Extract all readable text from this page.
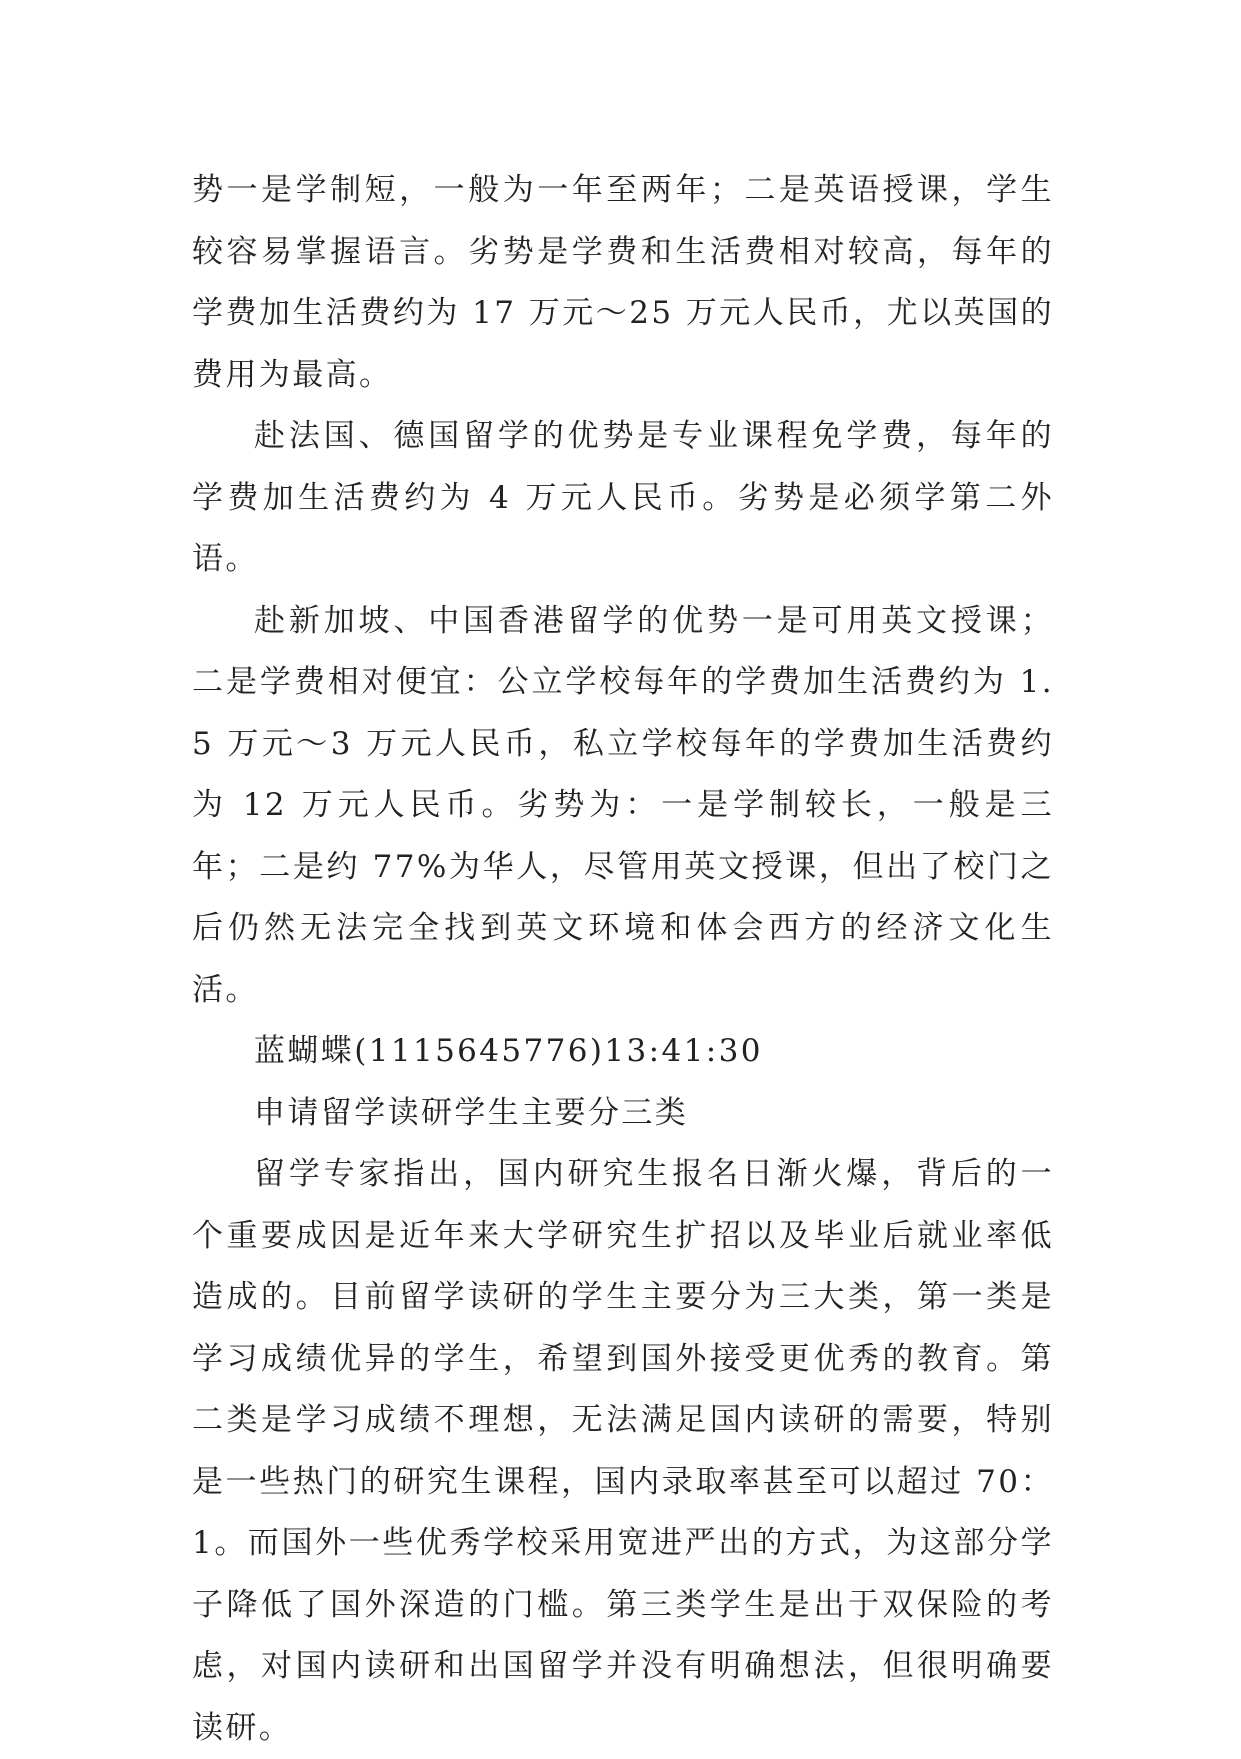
势一是学制短，一般为一年至两年；二是英语授课，学生较容易掌握语言。劣势是学费和生活费相对较高，每年的学费加生活费约为 17 万元～25 万元人民币，尤以英国的费用为最高。

赴法国、德国留学的优势是专业课程免学费，每年的学费加生活费约为 4 万元人民币。劣势是必须学第二外语。

赴新加坡、中国香港留学的优势一是可用英文授课；二是学费相对便宜：公立学校每年的学费加生活费约为 1.5 万元～3 万元人民币，私立学校每年的学费加生活费约为 12 万元人民币。劣势为：一是学制较长，一般是三年；二是约 77%为华人，尽管用英文授课，但出了校门之后仍然无法完全找到英文环境和体会西方的经济文化生活。

蓝蝴蝶(1115645776)13:41:30

申请留学读研学生主要分三类

留学专家指出，国内研究生报名日渐火爆，背后的一个重要成因是近年来大学研究生扩招以及毕业后就业率低造成的。目前留学读研的学生主要分为三大类，第一类是学习成绩优异的学生，希望到国外接受更优秀的教育。第二类是学习成绩不理想，无法满足国内读研的需要，特别是一些热门的研究生课程，国内录取率甚至可以超过 70：1。而国外一些优秀学校采用宽进严出的方式，为这部分学子降低了国外深造的门槛。第三类学生是出于双保险的考虑，对国内读研和出国留学并没有明确想法，但很明确要读研。
